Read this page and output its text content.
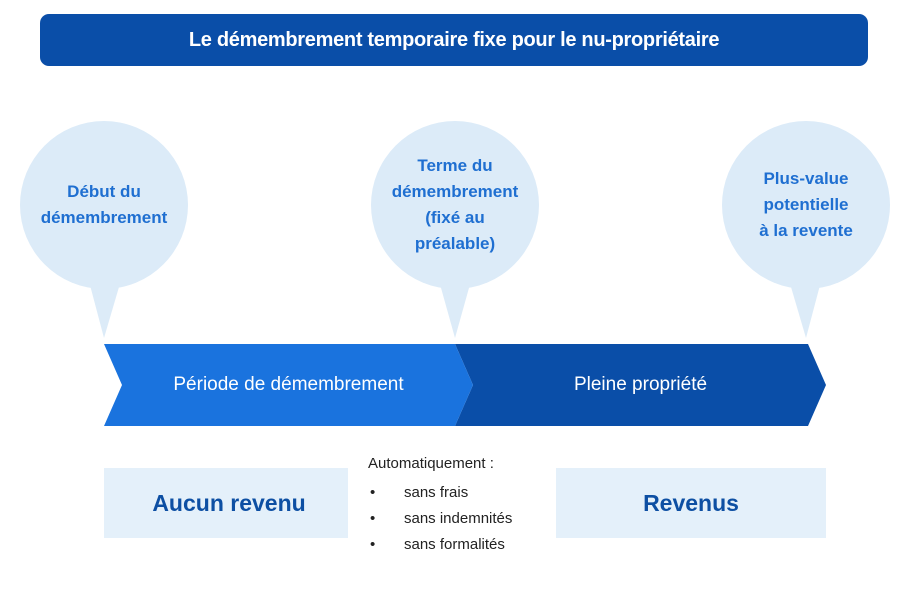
Le démembrement temporaire fixe pour le nu-propriétaire
Début du
démembrement
Terme du
démembrement
(fixé au
préalable)
Plus-value
potentielle
à la revente
Période de démembrement	Pleine propriété
Aucun revenu	Revenus
Automatiquement :
• sans frais
• sans indemnités
• sans formalités
